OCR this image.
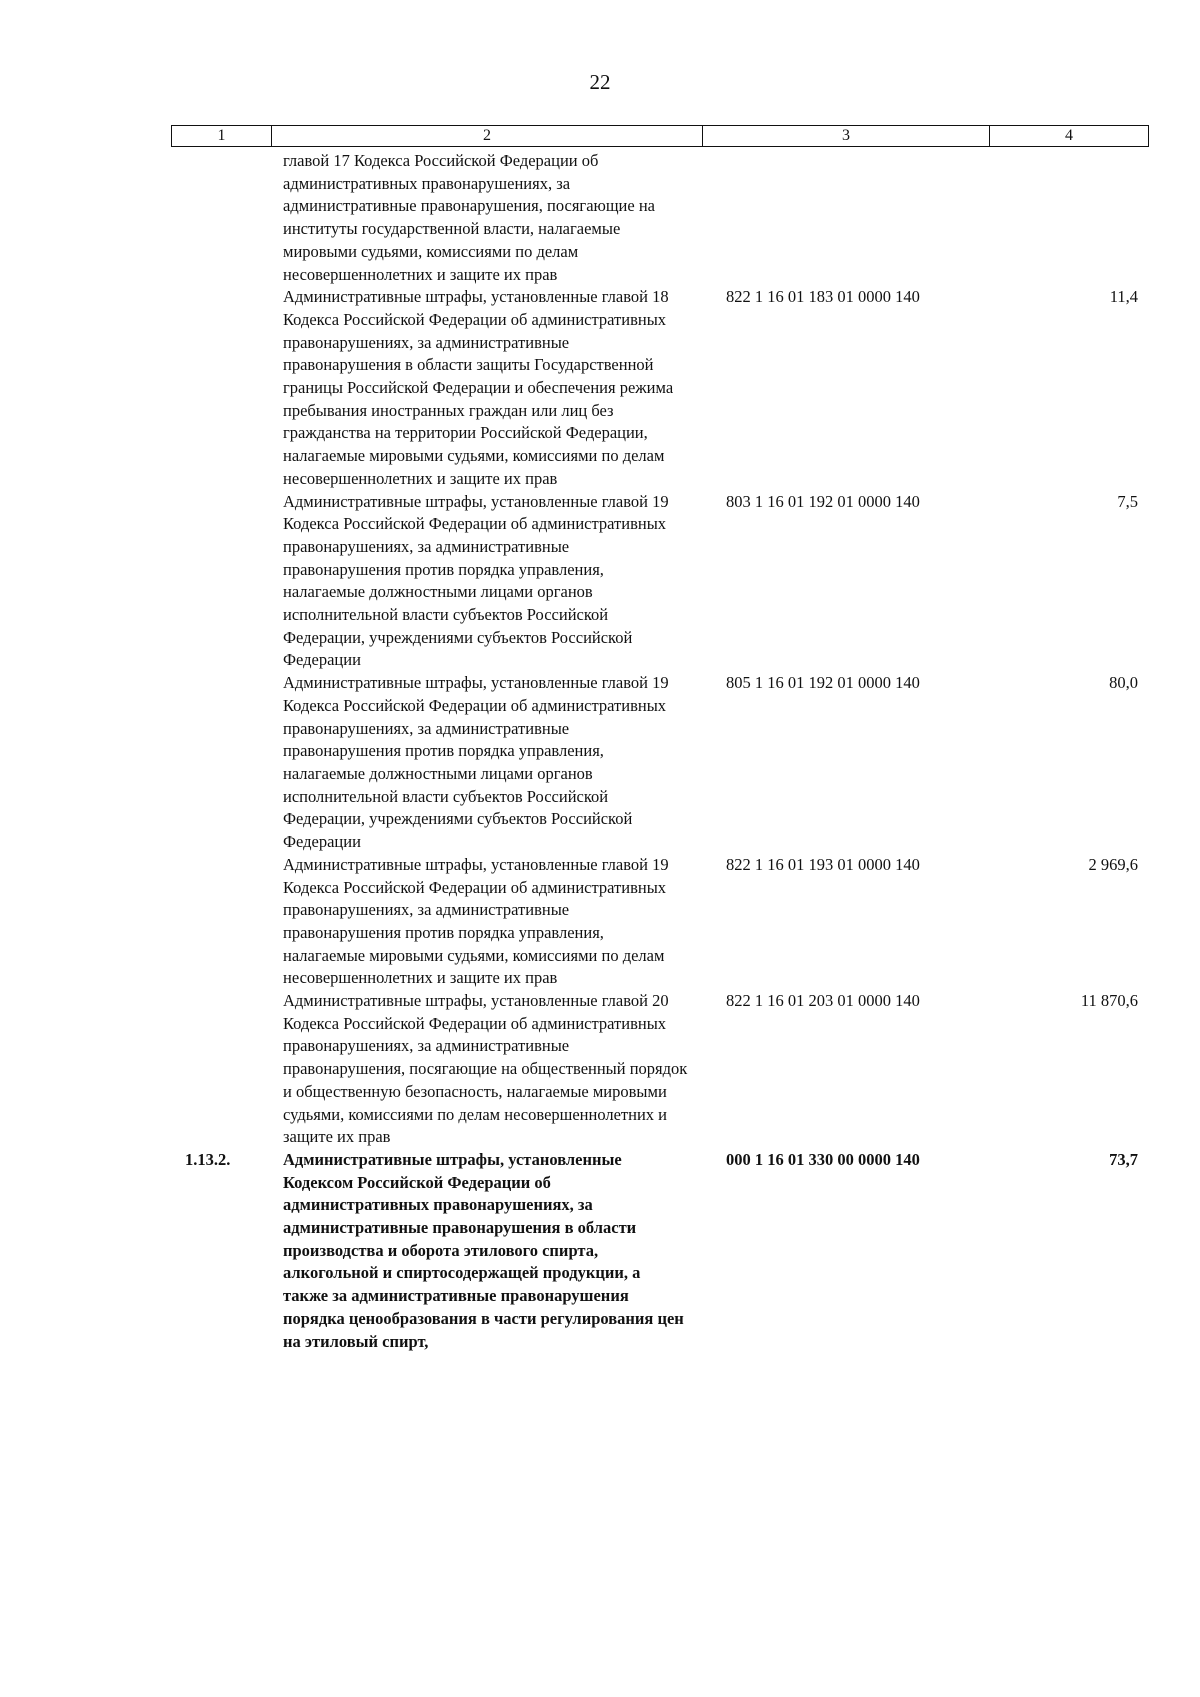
22
1	2	3	4
главой 17 Кодекса Российской Федерации об административных правонарушениях, за административные правонарушения, посягающие на институты государственной власти, налагаемые мировыми судьями, комиссиями по делам несовершеннолетних и защите их прав
Административные штрафы, установленные главой 18 Кодекса Российской Федерации об административных правонарушениях, за административные правонарушения в области защиты Государственной границы Российской Федерации и обеспечения режима пребывания иностранных граждан или лиц без гражданства на территории Российской Федерации, налагаемые мировыми судьями, комиссиями по делам несовершеннолетних и защите их прав
822 1 16 01 183 01 0000 140	11,4
Административные штрафы, установленные главой 19 Кодекса Российской Федерации об административных правонарушениях, за административные правонарушения против порядка управления, налагаемые должностными лицами органов исполнительной власти субъектов Российской Федерации, учреждениями субъектов Российской Федерации
803 1 16 01 192 01 0000 140	7,5
Административные штрафы, установленные главой 19 Кодекса Российской Федерации об административных правонарушениях, за административные правонарушения против порядка управления, налагаемые должностными лицами органов исполнительной власти субъектов Российской Федерации, учреждениями субъектов Российской Федерации
805 1 16 01 192 01 0000 140	80,0
Административные штрафы, установленные главой 19 Кодекса Российской Федерации об административных правонарушениях, за административные правонарушения против порядка управления, налагаемые мировыми судьями, комиссиями по делам несовершеннолетних и защите их прав
822 1 16 01 193 01 0000 140	2 969,6
Административные штрафы, установленные главой 20 Кодекса Российской Федерации об административных правонарушениях, за административные правонарушения, посягающие на общественный порядок и общественную безопасность, налагаемые мировыми судьями, комиссиями по делам несовершеннолетних и защите их прав
822 1 16 01 203 01 0000 140	11 870,6
1.13.2.	Административные штрафы, установленные Кодексом Российской Федерации об административных правонарушениях, за административные правонарушения в области производства и оборота этилового спирта, алкогольной и спиртосодержащей продукции, а также за административные правонарушения порядка ценообразования в части регулирования цен на этиловый спирт,
000 1 16 01 330 00 0000 140	73,7
